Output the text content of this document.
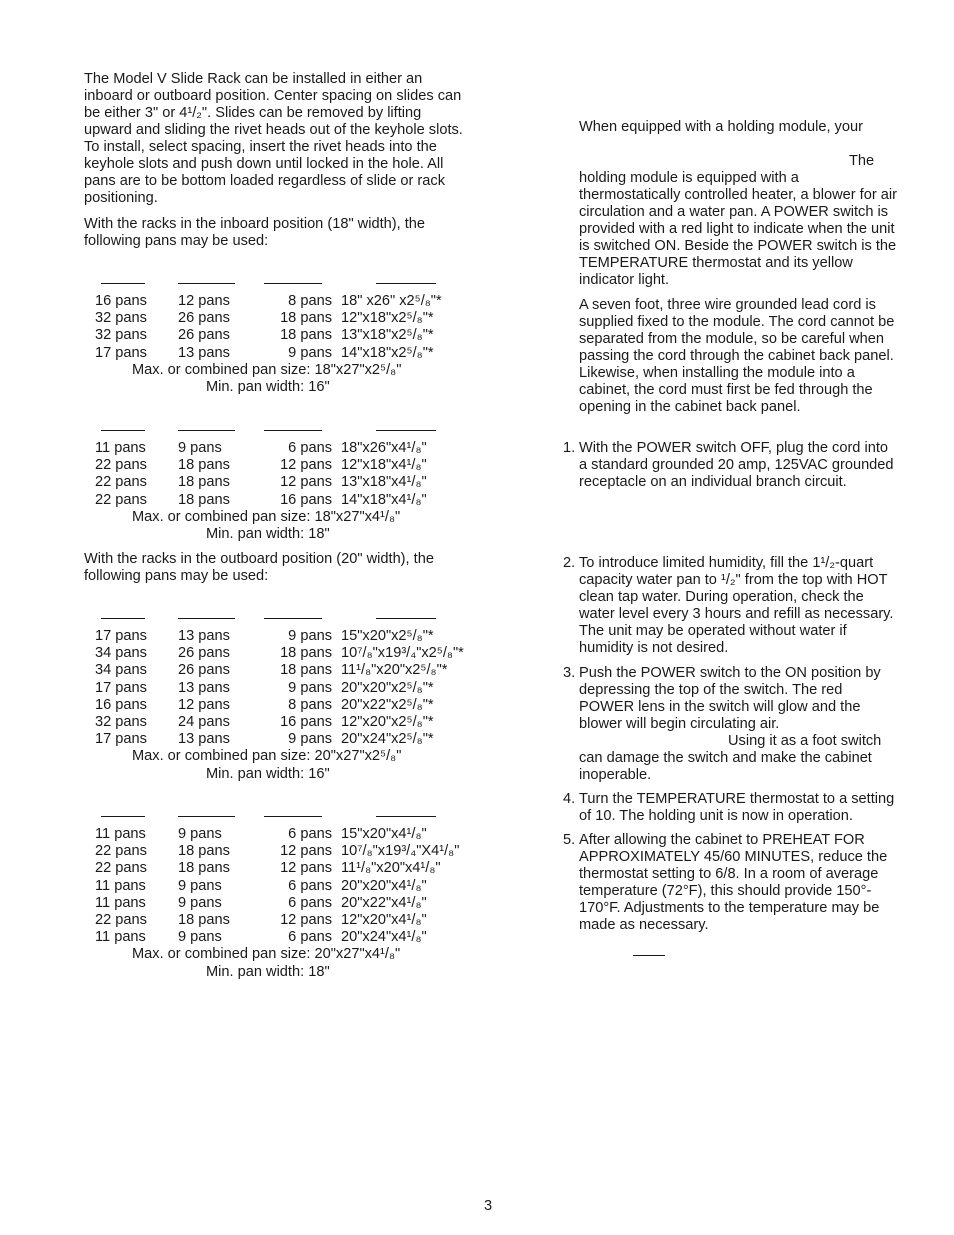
The Model V Slide Rack can be installed in either an inboard or outboard position. Center spacing on slides can be either 3" or 4¹/₂". Slides can be removed by lifting upward and sliding the rivet heads out of the keyhole slots. To install, select spacing, insert the rivet heads into the keyhole slots and push down until locked in the hole. All pans are to be bottom loaded regardless of slide or rack positioning.

With the racks in the inboard position (18" width), the following pans may be used:

16 pans 12 pans	8 pans 18" x26" x2⁵/₈"*
32 pans 26 pans	18 pans 12"x18"x2⁵/₈"*
32 pans 26 pans	18 pans 13"x18"x2⁵/₈"*
17 pans 13 pans	9 pans 14"x18"x2⁵/₈"*
Max. or combined pan size: 18"x27"x2⁵/₈"
Min. pan width: 16"
11 pans 9 pans	6 pans 18"x26"x4¹/₈"
22 pans 18 pans	12 pans 12"x18"x4¹/₈"
22 pans 18 pans	12 pans 13"x18"x4¹/₈"
22 pans 18 pans	16 pans 14"x18"x4¹/₈"
Max. or combined pan size: 18"x27"x4¹/₈"
Min. pan width: 18"

With the racks in the outboard position (20" width), the following pans may be used:

17 pans 13 pans	9 pans 15"x20"x2⁵/₈"*
34 pans 26 pans	18 pans 10⁷/₈"x19³/₄"x2⁵/₈"*
34 pans 26 pans	18 pans 11¹/₈"x20"x2⁵/₈"*
17 pans 13 pans	9 pans 20"x20"x2⁵/₈"*
16 pans 12 pans	8 pans 20"x22"x2⁵/₈"*
32 pans 24 pans	16 pans 12"x20"x2⁵/₈"*
17 pans 13 pans	9 pans 20"x24"x2⁵/₈"*
Max. or combined pan size: 20"x27"x2⁵/₈"
Min. pan width: 16"
11 pans 9 pans	6 pans 15"x20"x4¹/₈"
22 pans 18 pans	12 pans 10⁷/₈"x19³/₄"X4¹/₈"
22 pans 18 pans	12 pans 11¹/₈"x20"x4¹/₈"
11 pans 9 pans	6 pans 20"x20"x4¹/₈"
11 pans 9 pans	6 pans 20"x22"x4¹/₈"
22 pans 18 pans	12 pans 12"x20"x4¹/₈"
11 pans 9 pans	6 pans 20"x24"x4¹/₈"
Max. or combined pan size: 20"x27"x4¹/₈"
Min. pan width: 18"

When equipped with a holding module, your

The

holding module is equipped with a thermostatically controlled heater, a blower for air circulation and a water pan. A POWER switch is provided with a red light to indicate when the unit is switched ON. Beside the POWER switch is the TEMPERATURE thermostat and its yellow indicator light.

A seven foot, three wire grounded lead cord is supplied fixed to the module. The cord cannot be separated from the module, so be careful when passing the cord through the cabinet back panel. Likewise, when installing the module into a cabinet, the cord must first be fed through the opening in the cabinet back panel.

1. With the POWER switch OFF, plug the cord into a standard grounded 20 amp, 125VAC grounded receptacle on an individual branch circuit.
2. To introduce limited humidity, fill the 1¹/₂-quart capacity water pan to ¹/₂" from the top with HOT clean tap water. During operation, check the water level every 3 hours and refill as necessary. The unit may be operated without water if humidity is not desired.
3. Push the POWER switch to the ON position by depressing the top of the switch. The red POWER lens in the switch will glow and the blower will begin circulating air.
Using it as a foot switch can damage the switch and make the cabinet inoperable.
4. Turn the TEMPERATURE thermostat to a setting of 10. The holding unit is now in operation.
5. After allowing the cabinet to PREHEAT FOR APPROXIMATELY 45/60 MINUTES, reduce the thermostat setting to 6/8. In a room of average temperature (72°F), this should provide 150°- 170°F. Adjustments to the temperature may be made as necessary.
3
